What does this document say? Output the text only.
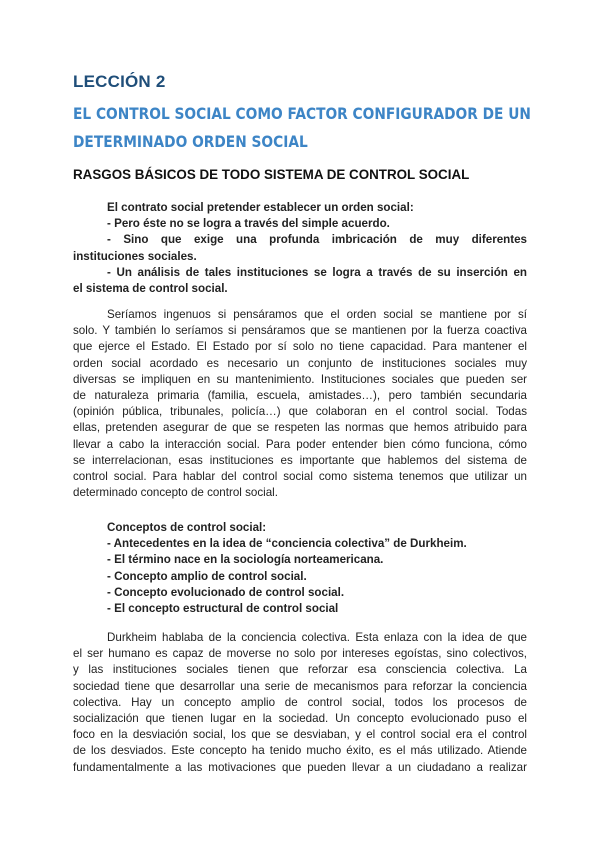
LECCIÓN 2
EL CONTROL SOCIAL COMO FACTOR CONFIGURADOR DE UN
DETERMINADO ORDEN SOCIAL
RASGOS BÁSICOS DE TODO SISTEMA DE CONTROL SOCIAL
El contrato social pretender establecer un orden social:
- Pero éste no se logra a través del simple acuerdo.
- Sino que exige una profunda imbricación de muy diferentes
instituciones sociales.
- Un análisis de tales instituciones se logra a través de su inserción en
el sistema de control social.
Seríamos ingenuos si pensáramos que el orden social se mantiene por sí
solo. Y también lo seríamos si pensáramos que se mantienen por la fuerza coactiva
que ejerce el Estado. El Estado por sí solo no tiene capacidad. Para mantener el
orden social acordado es necesario un conjunto de instituciones sociales muy
diversas se impliquen en su mantenimiento. Instituciones sociales que pueden ser
de naturaleza primaria (familia, escuela, amistades…), pero también secundaria
(opinión pública, tribunales, policía…) que colaboran en el control social. Todas
ellas, pretenden asegurar de que se respeten las normas que hemos atribuido para
llevar a cabo la interacción social. Para poder entender bien cómo funciona, cómo
se interrelacionan, esas instituciones es importante que hablemos del sistema de
control social. Para hablar del control social como sistema tenemos que utilizar un
determinado concepto de control social.
Conceptos de control social:
- Antecedentes en la idea de “conciencia colectiva” de Durkheim.
- El término nace en la sociología norteamericana.
- Concepto amplio de control social.
- Concepto evolucionado de control social.
- El concepto estructural de control social
Durkheim hablaba de la conciencia colectiva. Esta enlaza con la idea de que
el ser humano es capaz de moverse no solo por intereses egoístas, sino colectivos,
y las instituciones sociales tienen que reforzar esa consciencia colectiva. La
sociedad tiene que desarrollar una serie de mecanismos para reforzar la conciencia
colectiva. Hay un concepto amplio de control social, todos los procesos de
socialización que tienen lugar en la sociedad. Un concepto evolucionado puso el
foco en la desviación social, los que se desviaban, y el control social era el control
de los desviados. Este concepto ha tenido mucho éxito, es el más utilizado. Atiende
fundamentalmente a las motivaciones que pueden llevar a un ciudadano a realizar
